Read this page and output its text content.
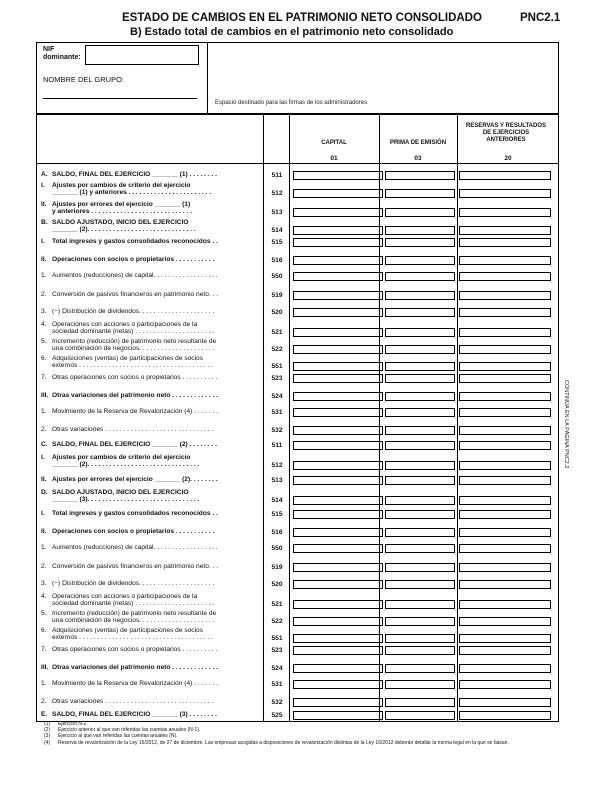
ESTADO DE CAMBIOS EN EL PATRIMONIO NETO CONSOLIDADO
B) Estado total de cambios en el patrimonio neto consolidado
PNC2.1
NIF dominante:
NOMBRE DEL GRUPO:
Espacio destinado para las firmas de los administradores
CAPITAL	PRIMA DE EMISIÓN
RESERVAS Y RESULTADOS DE EJERCICIOS ANTERIORES
01	03	20
A. SALDO, FINAL DEL EJERCICIO _______ (1) . . . . . . . .	511
I. Ajustes por cambios de criterio del ejercicio
_______ (1) y anteriores . . . . . . . . . . . . . . . . . . . . . . .	512
II. Ajustes por errores del ejercicio _______ (1)
y anteriores . . . . . . . . . . . . . . . . . . . . . . . . . . . .	513
B. SALDO AJUSTADO, INICIO DEL EJERCICIO
_______ (2). . . . . . . . . . . . . . . . . . . . . . . . . . . . . .	514
I. Total ingresos y gastos consolidados reconocidos . .	515
II. Operaciones con socios o propietarios . . . . . . . . . . .	516
1. Aumentos (reducciones) de capital. . . . . . . . . . . . . . . . . .	550
2. Conversión de pasivos financieros en patrimonio neto. . .	519
3. (−) Distribución de dividendos. . . . . . . . . . . . . . . . . . . . .	520
4. Operaciones con acciones o participaciones de la
sociedad dominante (netas) . . . . . . . . . . . . . . . . . . . . . .	521
5. Incremento (reducción) de patrimonio neto resultante de
una combinación de negocios. . . . . . . . . . . . . . . . . . . . .	522
6. Adquisiciones (ventas) de participaciones de socios
externos . . . . . . . . . . . . . . . . . . . . . . . . . . . . . . . . . . . . .	551
7. Otras operaciones con socios o propietarios . . . . . . . . . .	523
III. Otras variaciones del patrimonio neto . . . . . . . . . . . . .	524
1. Movimiento de la Reserva de Revalorización (4) . . . . . . .	531
2. Otras variaciones . . . . . . . . . . . . . . . . . . . . . . . . . . . . . .	532
C. SALDO, FINAL DEL EJERCICIO _______ (2) . . . . . . . .	511
I. Ajustes por cambios de criterio del ejercicio
_______ (2). . . . . . . . . . . . . . . . . . . . . . . . . . . . . . .	512
II. Ajustes por errores del ejercicio _______ (2). . . . . . . .	513
D. SALDO AJUSTADO, INICIO DEL EJERCICIO
_______ (3). . . . . . . . . . . . . . . . . . . . . . . . . . . . . . .	514
I. Total ingresos y gastos consolidados reconocidos . .	515
II. Operaciones con socios o propietarios . . . . . . . . . . .	516
1. Aumentos (reducciones) de capital. . . . . . . . . . . . . . . . . .	550
2. Conversión de pasivos financieros en patrimonio neto. . .	519
3. (−) Distribución de dividendos. . . . . . . . . . . . . . . . . . . . .	520
4. Operaciones con acciones o participaciones de la
sociedad dominante (netas) . . . . . . . . . . . . . . . . . . . . . .	521
5. Incremento (reducción) de patrimonio neto resultante de
una combinación de negocios. . . . . . . . . . . . . . . . . . . . .	522
6. Adquisiciones (ventas) de participaciones de socios
externos . . . . . . . . . . . . . . . . . . . . . . . . . . . . . . . . . . . . .	551
7. Otras operaciones con socios o propietarios . . . . . . . . . .	523
III. Otras variaciones del patrimonio neto . . . . . . . . . . . . .	524
1. Movimiento de la Reserva de Revalorización (4) . . . . . . .	531
2. Otras variaciones . . . . . . . . . . . . . . . . . . . . . . . . . . . . . .	532
E. SALDO, FINAL DEL EJERCICIO _______ (3) . . . . . . . .	525
CONTINÚA EN LA PÁGINA PNC2.2
(1) Ejercicio N-2.
(2) Ejercicio anterior al que van referidas las cuentas anuales (N-1).
(3) Ejercicio al que van referidas las cuentas anuales (N).
(4) Reserva de revalorización de la Ley 16/2012, de 27 de diciembre. Las empresas acogidas a disposiciones de revalorización distintas de la Ley 16/2012 deberán detallar la norma legal en la que se basan.
